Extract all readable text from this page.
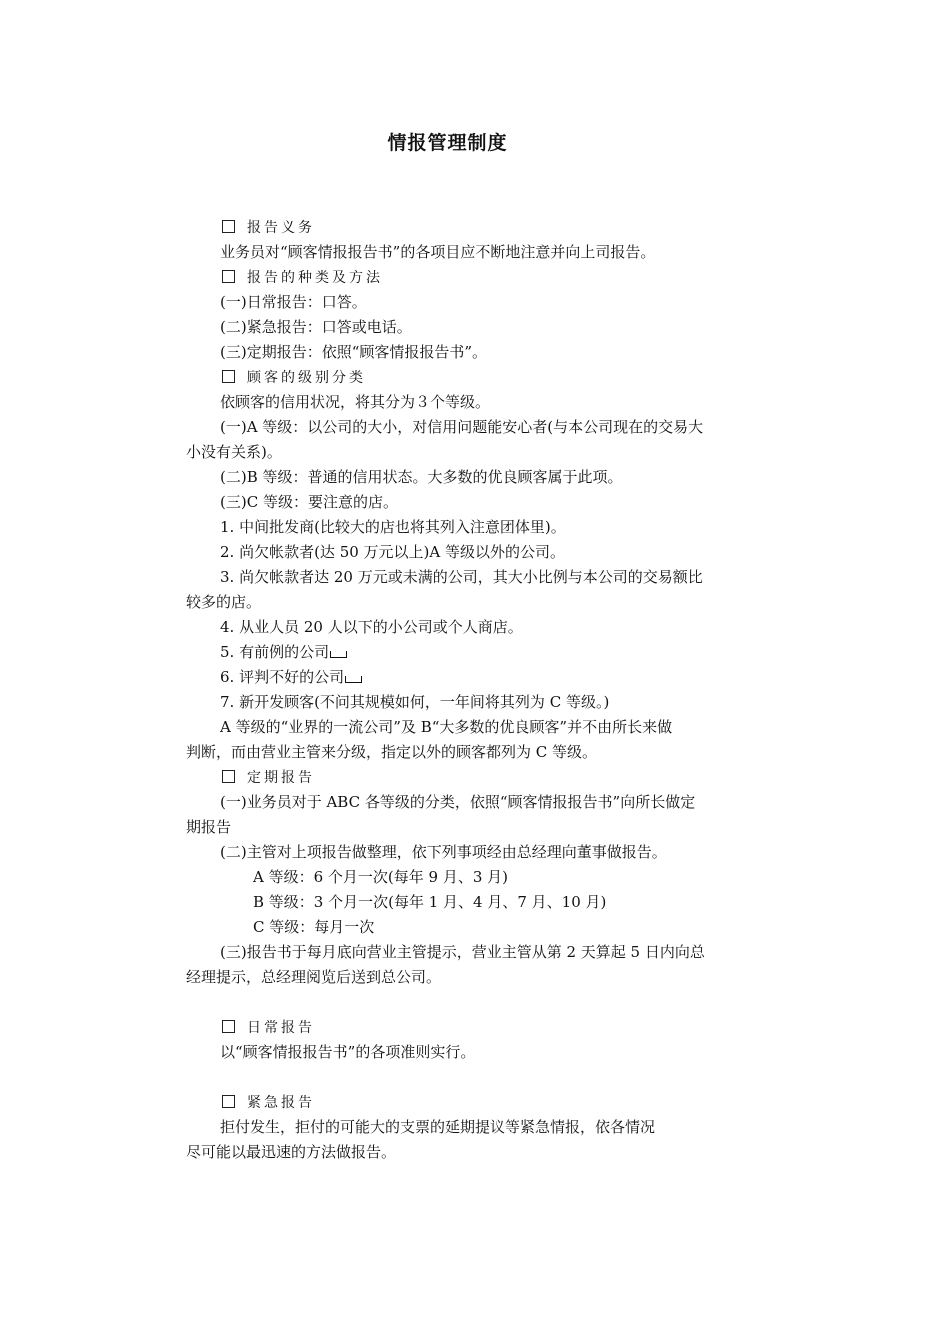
情报管理制度
报告义务
业务员对“顾客情报报告书”的各项目应不断地注意并向上司报告。
报告的种类及方法
(一)日常报告：口答。
(二)紧急报告：口答或电话。
(三)定期报告：依照“顾客情报报告书”。
顾客的级别分类
依顾客的信用状况，将其分为３个等级。
(一)A 等级：以公司的大小，对信用问题能安心者(与本公司现在的交易大
小没有关系)。
(二)B 等级：普通的信用状态。大多数的优良顾客属于此项。
(三)C 等级：要注意的店。
1. 中间批发商(比较大的店也将其列入注意团体里)。
2. 尚欠帐款者(达 50 万元以上)A 等级以外的公司。
3. 尚欠帐款者达 20 万元或未满的公司，其大小比例与本公司的交易额比
较多的店。
4. 从业人员 20 人以下的小公司或个人商店。
5. 有前例的公司
6. 评判不好的公司
7. 新开发顾客(不问其规模如何，一年间将其列为 C 等级。)
A 等级的“业界的一流公司”及 B“大多数的优良顾客”并不由所长来做
判断，而由营业主管来分级，指定以外的顾客都列为 C 等级。
定期报告
(一)业务员对于 ABC 各等级的分类，依照“顾客情报报告书”向所长做定
期报告
(二)主管对上项报告做整理，依下列事项经由总经理向董事做报告。
A 等级：6 个月一次(每年 9 月、3 月)
B 等级：3 个月一次(每年 1 月、4 月、7 月、10 月)
C 等级：每月一次
(三)报告书于每月底向营业主管提示，营业主管从第 2 天算起 5 日内向总
经理提示，总经理阅览后送到总公司。
日常报告
以“顾客情报报告书”的各项准则实行。
紧急报告
拒付发生，拒付的可能大的支票的延期提议等紧急情报，依各情况
尽可能以最迅速的方法做报告。
